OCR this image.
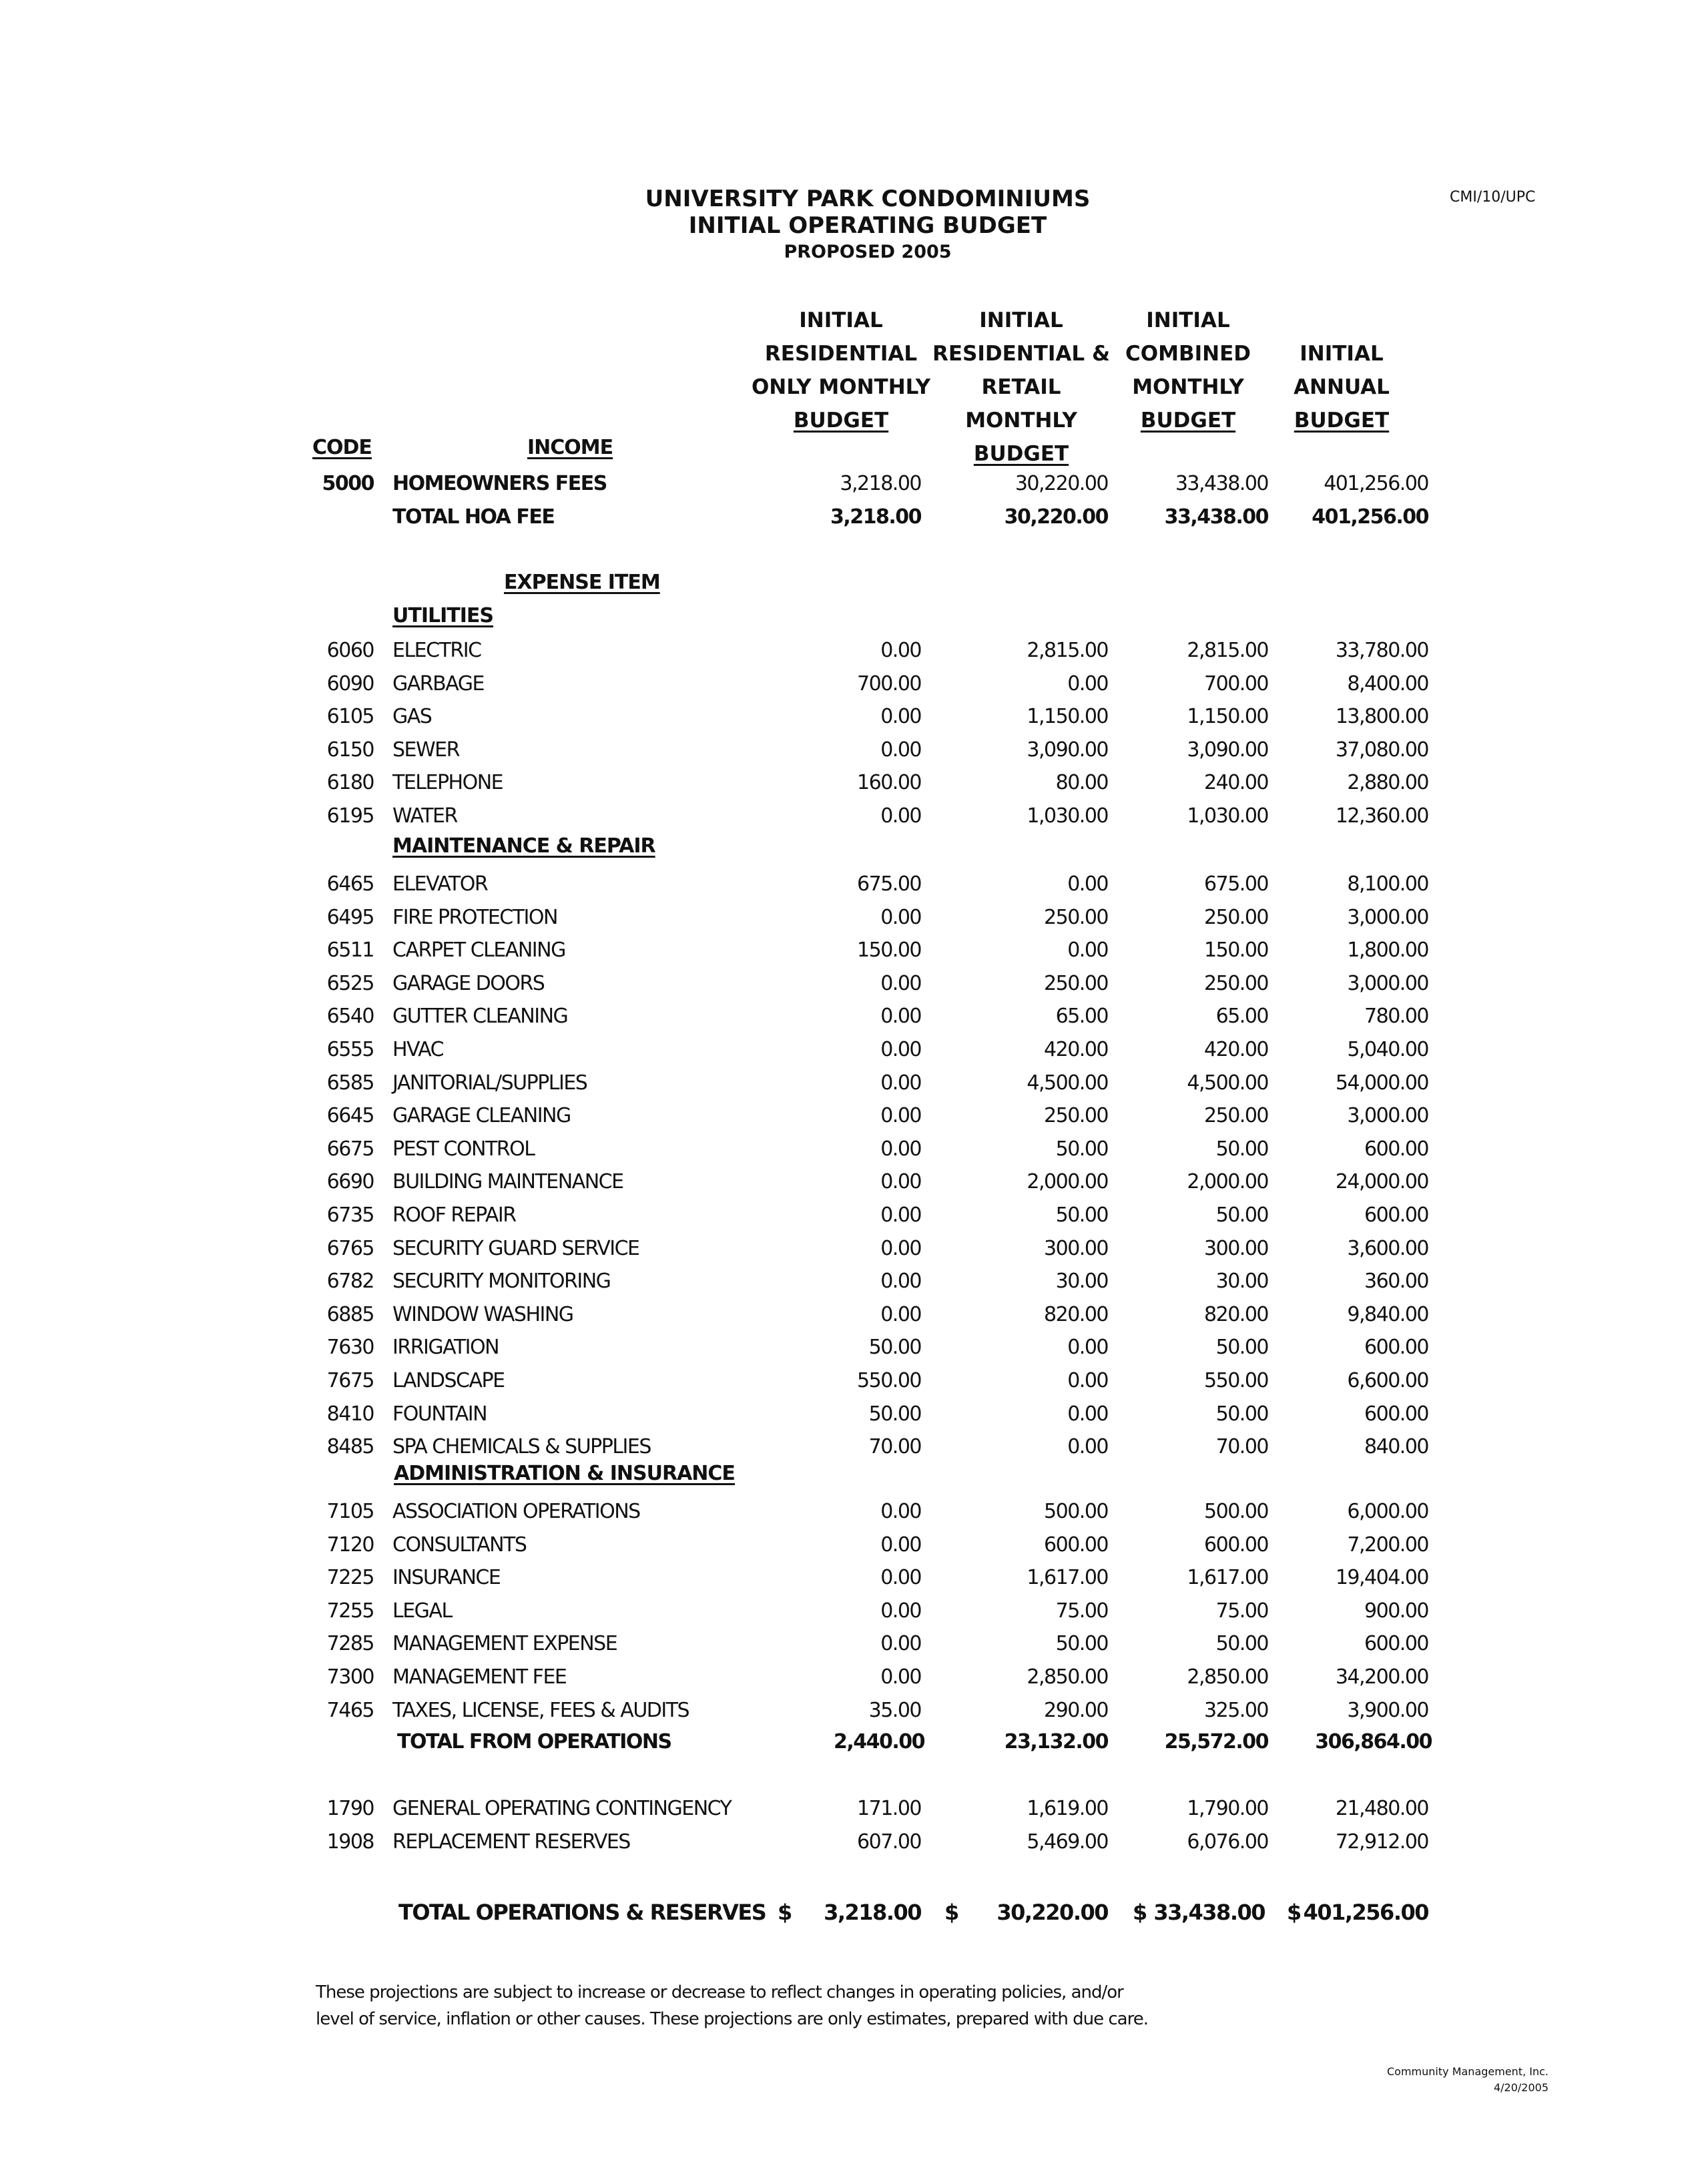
UNIVERSITY PARK CONDOMINIUMS
INITIAL OPERATING BUDGET
PROPOSED 2005
CMI/10/UPC
INITIAL
RESIDENTIAL
ONLY MONTHLY
BUDGET
INITIAL
RESIDENTIAL &
RETAIL MONTHLY
BUDGET
INITIAL
COMBINED
MONTHLY
BUDGET

INITIAL
ANNUAL
BUDGET
CODE	INCOME
5000 HOMEOWNERS FEES	3,218.00	30,220.00	33,438.00	401,256.00
TOTAL HOA FEE	3,218.00	30,220.00	33,438.00	401,256.00
EXPENSE ITEM
UTILITIES
6060 ELECTRIC	0.00	2,815.00	2,815.00	33,780.00
6090 GARBAGE	700.00	0.00	700.00	8,400.00
6105 GAS	0.00	1,150.00	1,150.00	13,800.00
6150 SEWER	0.00	3,090.00	3,090.00	37,080.00
6180 TELEPHONE	160.00	80.00	240.00	2,880.00
6195 WATER	0.00	1,030.00	1,030.00	12,360.00
MAINTENANCE & REPAIR
6465 ELEVATOR	675.00	0.00	675.00	8,100.00
6495 FIRE PROTECTION	0.00	250.00	250.00	3,000.00
6511 CARPET CLEANING	150.00	0.00	150.00	1,800.00
6525 GARAGE DOORS	0.00	250.00	250.00	3,000.00
6540 GUTTER CLEANING	0.00	65.00	65.00	780.00
6555 HVAC	0.00	420.00	420.00	5,040.00
6585 JANITORIAL/SUPPLIES	0.00	4,500.00	4,500.00	54,000.00
6645 GARAGE CLEANING	0.00	250.00	250.00	3,000.00
6675 PEST CONTROL	0.00	50.00	50.00	600.00
6690 BUILDING MAINTENANCE	0.00	2,000.00	2,000.00	24,000.00
6735 ROOF REPAIR	0.00	50.00	50.00	600.00
6765 SECURITY GUARD SERVICE	0.00	300.00	300.00	3,600.00
6782 SECURITY MONITORING	0.00	30.00	30.00	360.00
6885 WINDOW WASHING	0.00	820.00	820.00	9,840.00
7630 IRRIGATION	50.00	0.00	50.00	600.00
7675 LANDSCAPE	550.00	0.00	550.00	6,600.00
8410 FOUNTAIN	50.00	0.00	50.00	600.00
8485 SPA CHEMICALS & SUPPLIES	70.00	0.00	70.00	840.00
ADMINISTRATION & INSURANCE
7105 ASSOCIATION OPERATIONS	0.00	500.00	500.00	6,000.00
7120 CONSULTANTS	0.00	600.00	600.00	7,200.00
7225 INSURANCE	0.00	1,617.00	1,617.00	19,404.00
7255 LEGAL	0.00	75.00	75.00	900.00
7285 MANAGEMENT EXPENSE	0.00	50.00	50.00	600.00
7300 MANAGEMENT FEE	0.00	2,850.00	2,850.00	34,200.00
7465 TAXES, LICENSE, FEES & AUDITS	35.00	290.00	325.00	3,900.00
TOTAL FROM OPERATIONS	2,440.00	23,132.00	25,572.00	306,864.00
1790 GENERAL OPERATING CONTINGENCY	171.00	1,619.00	1,790.00	21,480.00
1908 REPLACEMENT RESERVES	607.00	5,469.00	6,076.00	72,912.00
TOTAL OPERATIONS & RESERVES $	3,218.00 $	30,220.00 $ 33,438.00 $ 401,256.00
These projections are subject to increase or decrease to reflect changes in operating policies, and/or
level of service, inflation or other causes. These projections are only estimates, prepared with due care.
Community Management, Inc.
4/20/2005
